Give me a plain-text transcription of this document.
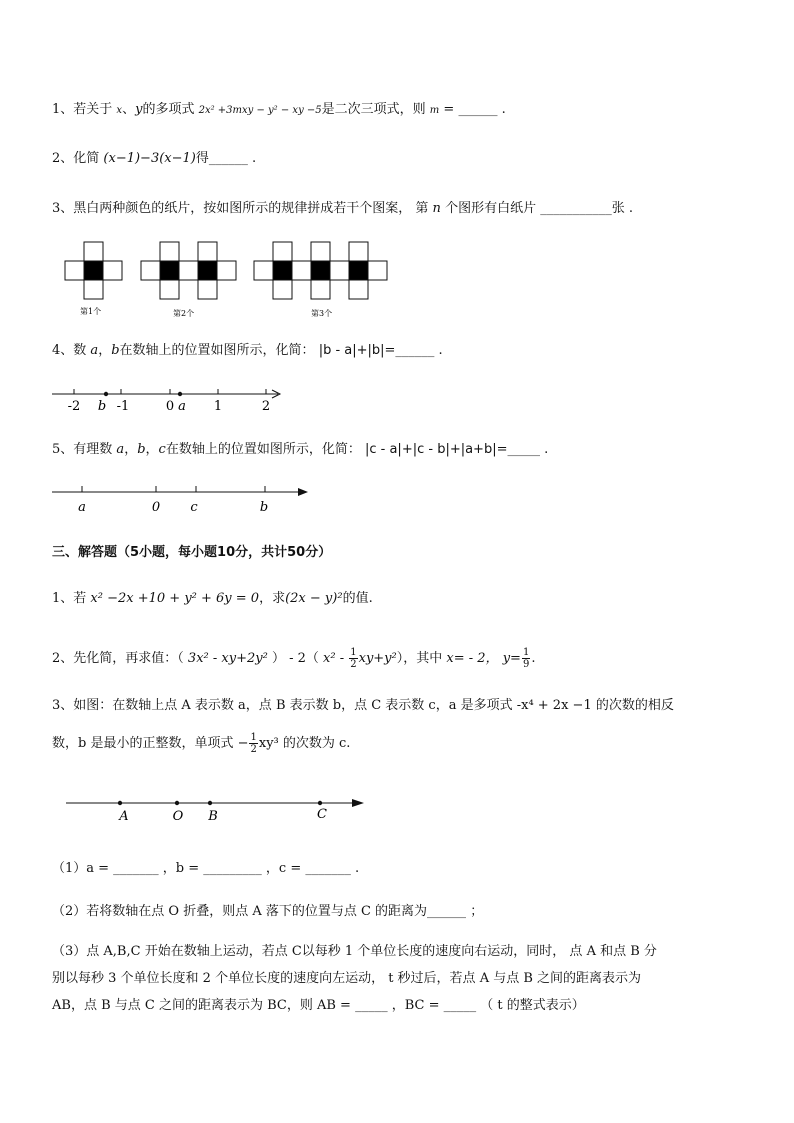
1、若关于 x、y的多项式 2x² +3mxy − y² − xy −5是二次三项式，则 m = ______ .
2、化简 (x−1)−3(x−1)得______ .
3、黑白两种颜色的纸片，按如图所示的规律拼成若干个图案， 第 n 个图形有白纸片 ___________张 .
第1个	第2个	第3个
4、数 a，b在数轴上的位置如图所示，化简： |b - a|+|b|=______ .
-2 b -1	0 a 1	2
5、有理数 a，b，c在数轴上的位置如图所示，化简： |c - a|+|c - b|+|a+b|=_____ .
a	0 c	b
三、解答题（5小题，每小题10分，共计50分）
1、若 x² −2x +10 + y² + 6y = 0，求(2x − y)²的值.
2、先化简，再求值：（ 3x² - xy+2y² ） - 2（ $x^2 - \frac{1}{2} xy+y^2$），其中 x= - 2， $y= \frac{1}{9}$ .
3、如图：在数轴上点 A 表示数 a，点 B 表示数 b，点 C 表示数 c，a 是多项式 -x⁴ + 2x −1 的次数的相反
数，b 是最小的正整数，单项式 − $\frac{1}{2} xy^3$ 的次数为 c.
A	O B	C
（1）a = _______ ，b = _________ ，c = _______ .
（2）若将数轴在点 O 折叠，则点 A 落下的位置与点 C 的距离为______ ；
（3）点 A,B,C 开始在数轴上运动，若点 C以每秒 1 个单位长度的速度向右运动，同时， 点 A 和点 B 分
别以每秒 3 个单位长度和 2 个单位长度的速度向左运动， t 秒过后，若点 A 与点 B 之间的距离表示为
AB，点 B 与点 C 之间的距离表示为 BC，则 AB = _____ ，BC = _____ （ t 的整式表示）
